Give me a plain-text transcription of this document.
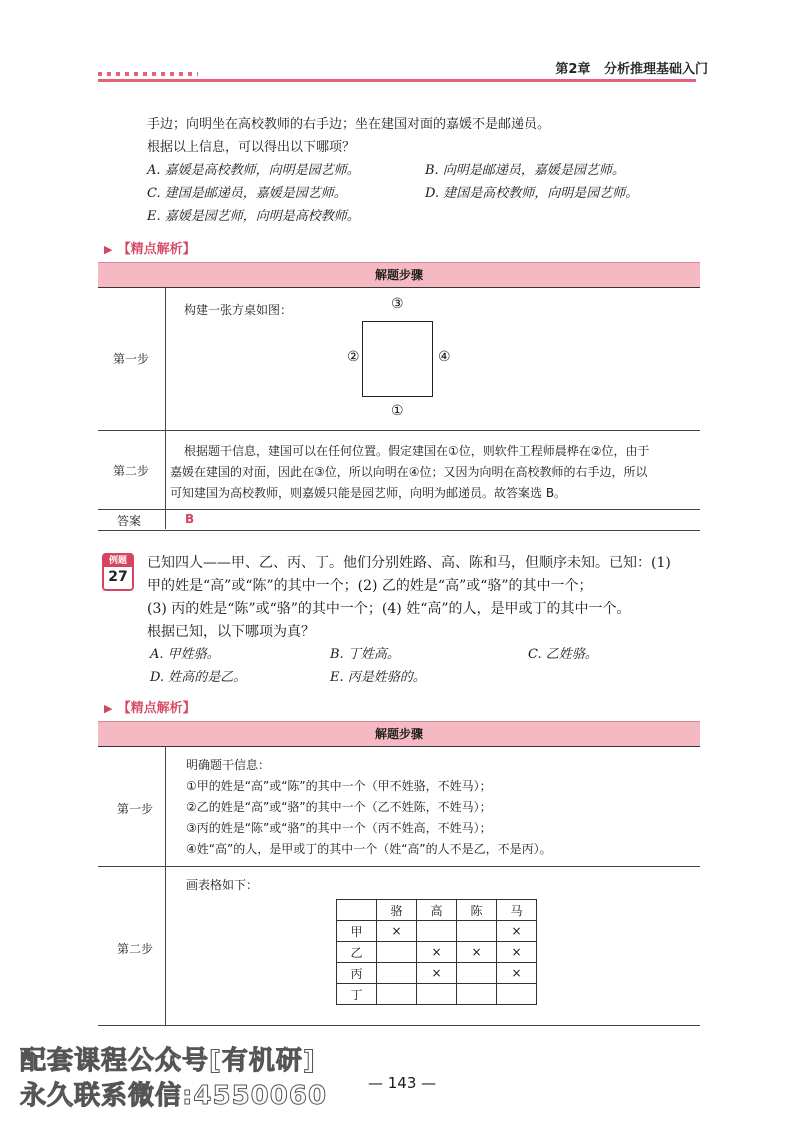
第2章 分析推理基础入门
手边；向明坐在高校教师的右手边；坐在建国对面的嘉媛不是邮递员。
根据以上信息，可以得出以下哪项？
A. 嘉媛是高校教师，向明是园艺师。	B. 向明是邮递员，嘉媛是园艺师。
C. 建国是邮递员，嘉媛是园艺师。	D. 建国是高校教师，向明是园艺师。
E. 嘉媛是园艺师，向明是高校教师。
▶ 【精点解析】
解题步骤
第一步
构建一张方桌如图：	③
②	④
①
第二步
根据题干信息，建国可以在任何位置。假定建国在①位，则软件工程师晨桦在②位，由于
嘉媛在建国的对面，因此在③位，所以向明在④位；又因为向明在高校教师的右手边，所以
可知建国为高校教师，则嘉媛只能是园艺师，向明为邮递员。故答案选 B。
答案	B
例题
27
已知四人——甲、乙、丙、丁。他们分别姓路、高、陈和马，但顺序未知。已知：(1)
甲的姓是“高”或“陈”的其中一个；(2) 乙的姓是“高”或“骆”的其中一个；
(3) 丙的姓是“陈”或“骆”的其中一个；(4) 姓“高”的人，是甲或丁的其中一个。
根据已知，以下哪项为真？
A. 甲姓骆。	B. 丁姓高。	C. 乙姓骆。
D. 姓高的是乙。	E. 丙是姓骆的。
▶ 【精点解析】
解题步骤
第一步
明确题干信息：
①甲的姓是“高”或“陈”的其中一个（甲不姓骆，不姓马）；
②乙的姓是“高”或“骆”的其中一个（乙不姓陈，不姓马）；
③丙的姓是“陈”或“骆”的其中一个（丙不姓高，不姓马）；
④姓“高”的人，是甲或丁的其中一个（姓“高”的人不是乙，不是丙）。
第二步
画表格如下：
	骆	高	陈	马
甲	×			×
乙		×	×	×
丙		×		×
丁				
配套课程公众号[有机研]
永久联系微信:4550060	— 143 —
